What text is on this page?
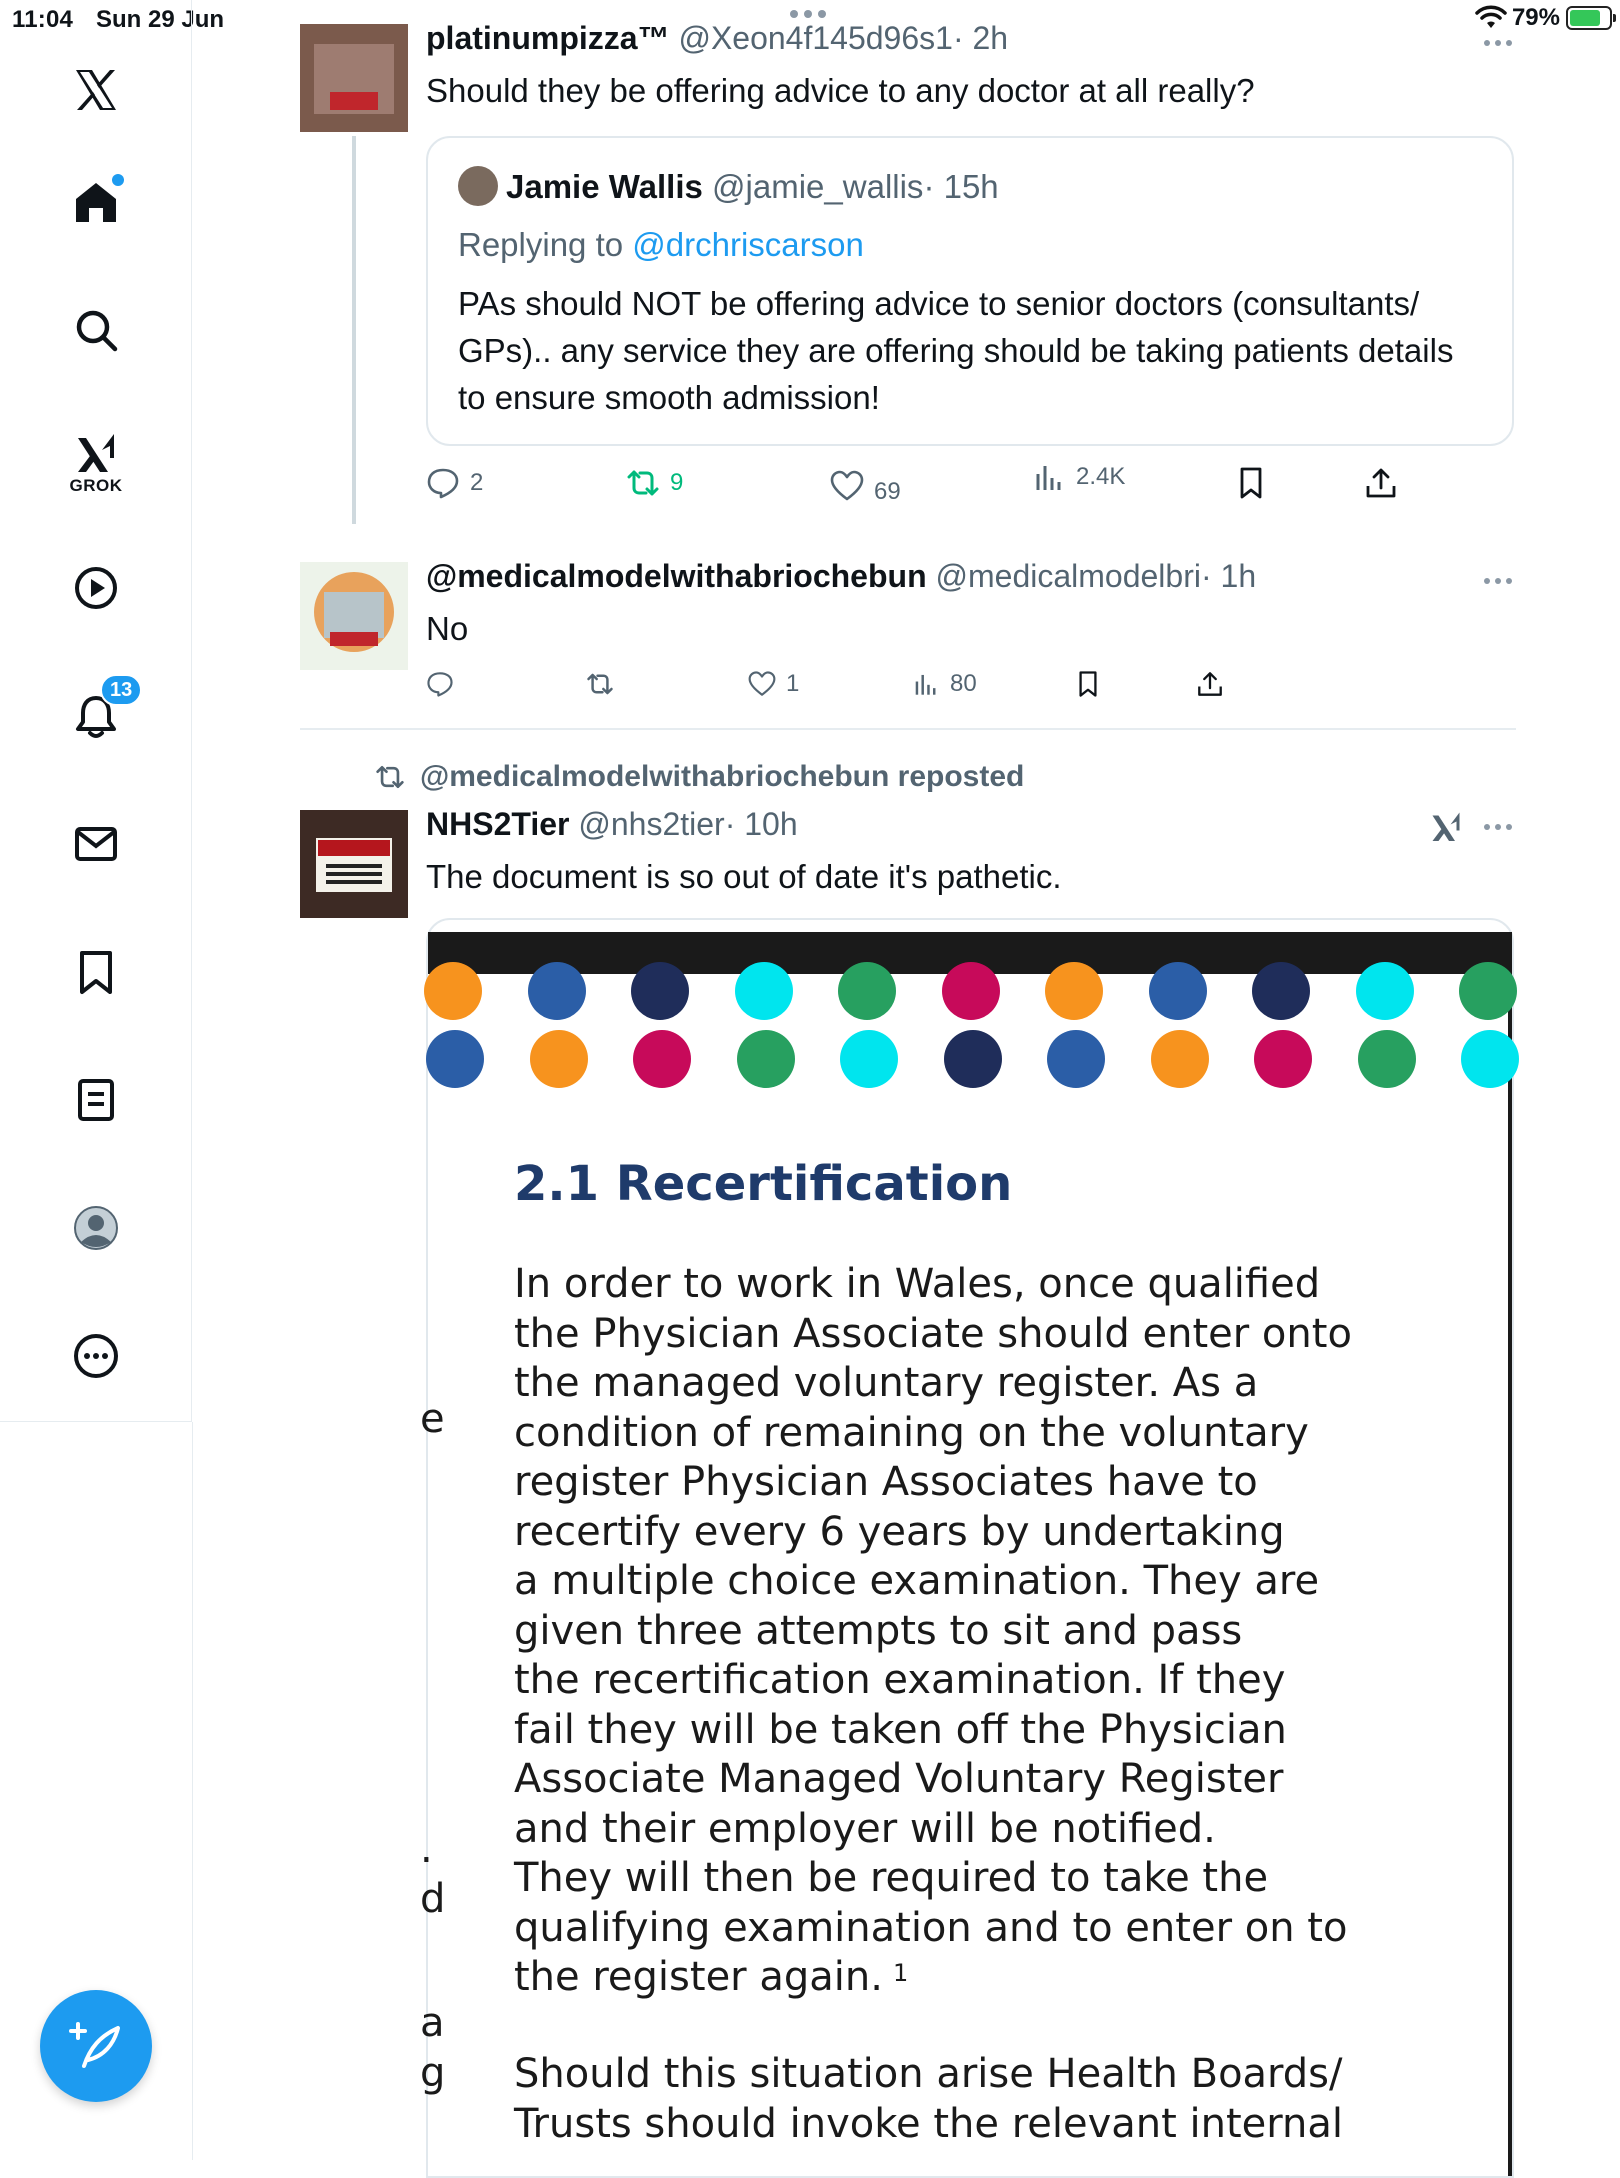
11:04 Sun 29 Jun	79%
GROK
13
platinumpizza™ @Xeon4f145d96s1· 2h
Should they be offering advice to any doctor at all really?
Jamie Wallis @jamie_wallis· 15h
Replying to @drchriscarson
PAs should NOT be offering advice to senior doctors (consultants/
GPs).. any service they are offering should be taking patients details
to ensure smooth admission!
2	9	69
2.4K
@medicalmodelwithabriochebun @medicalmodelbri· 1h
No
1	80
@medicalmodelwithabriochebun reposted
NHS2Tier @nhs2tier· 10h
The document is so out of date it's pathetic.
2.1 Recertification
In order to work in Wales, once qualified
the Physician Associate should enter onto
the managed voluntary register. As a
condition of remaining on the voluntary
register Physician Associates have to
recertify every 6 years by undertaking
a multiple choice examination. They are
given three attempts to sit and pass
the recertification examination. If they
fail they will be taken off the Physician
Associate Managed Voluntary Register
and their employer will be notified.
They will then be required to take the
qualifying examination and to enter on to
the register again. $^1$
Should this situation arise Health Boards/
Trusts should invoke the relevant internal
e
.
d
a
g
